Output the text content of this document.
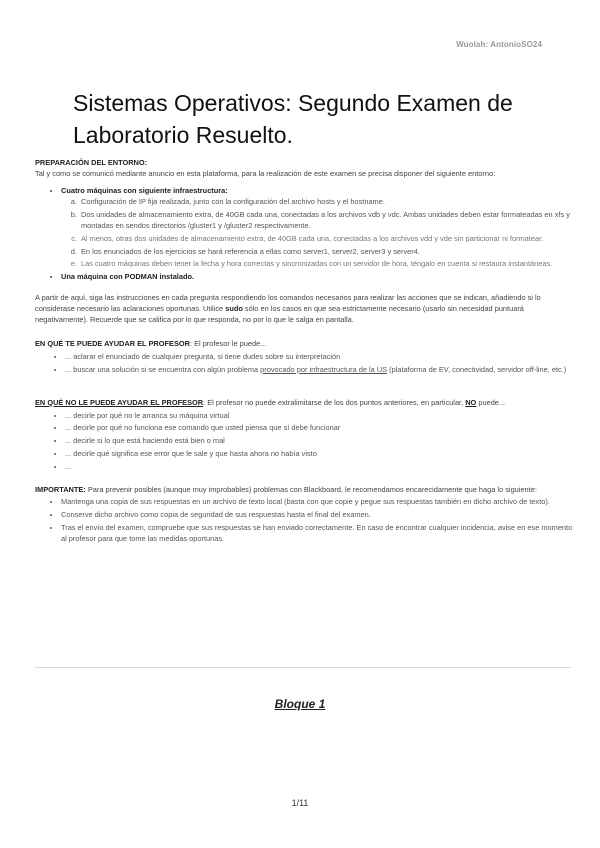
Wuolah: AntonioSO24
Sistemas Operativos: Segundo Examen de Laboratorio Resuelto.

PREPARACIÓN DEL ENTORNO:

Tal y como se comunicó mediante anuncio en esta plataforma, para la realización de este examen se precisa disponer del siguiente entorno:

• Cuatro máquinas con siguiente infraestructura:
a. Configuración de IP fija realizada, junto con la configuración del archivo hosts y el hostname.
b. Dos unidades de almacenamiento extra, de 40GB cada una, conectadas a los archivos vdb y vdc. Ambas unidades deben estar formateadas en xfs y montadas en sendos directorios /gluster1 y /gluster2 respectivamente.
c. Al menos, otras dos unidades de almacenamiento extra, de 40GB cada una, conectadas a los archivos vdd y vde sin particionar ni formatear.
d. En los enunciados de los ejercicios se hará referencia a ellas como server1, server2, server3 y server4.
e. Las cuatro máquinas deben tener la fecha y hora correctas y sincronizadas con un servidor de hora, téngalo en cuenta si restaura instantáneas.
• Una máquina con PODMAN instalado.

A partir de aquí, siga las instrucciones en cada pregunta respondiendo los comandos necesarios para realizar las acciones que se indican, añadiendo si lo considerase necesario las aclaraciones oportunas. Utilice sudo sólo en los casos en que sea estrictamente necesario (usarlo sin necesidad puntuará negativamente). Recuerde que se califica por lo que responda, no por lo que le salga en pantalla.

EN QUÉ TE PUEDE AYUDAR EL PROFESOR: El profesor le puede...

• ... aclarar el enunciado de cualquier pregunta, si tiene dudes sobre su interpretación
• ... buscar una solución si se encuentra con algún problema provocado por infraestructura de la US (plataforma de EV, conectividad, servidor off-line, etc.)

EN QUÉ NO LE PUEDE AYUDAR EL PROFESOR: El profesor no puede extralimitarse de los dos puntos anteriores, en particular, NO puede...

• ... decirle por qué no le arranca su máquina virtual
• ... decirle por qué no funciona ese comando que usted piensa que sí debe funcionar
• ... decirle si lo que está haciendo está bien o mal
• ... decirle qué significa ese error que le sale y que hasta ahora no había visto
• ...

IMPORTANTE: Para prevenir posibles (aunque muy improbables) problemas con Blackboard, le recomendamos encarecidamente que haga lo siguiente:

• Mantenga una copia de sus respuestas en un archivo de texto local (basta con que copie y pegue sus respuestas también en dicho archivo de texto).
• Conserve dicho archivo como copia de seguridad de sus respuestas hasta el final del examen.
• Tras el envío del examen, compruebe que sus respuestas se han enviado correctamente. En caso de encontrar cualquier incidencia, avise en ese momento al profesor para que tome las medidas oportunas.
Bloque 1
1/11
